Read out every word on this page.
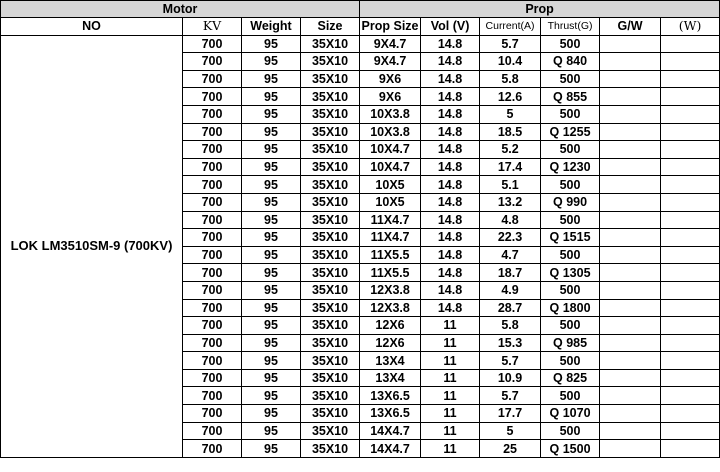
Motor				Prop					
NO	KV	Weight	Size	Prop Size	Vol (V)	Current(A)	Thrust(G)	G/W	(W)
LOK LM3510SM-9 (700KV)	700	95	35X10	9X4.7	14.8	5.7	500		
	700	95	35X10	9X4.7	14.8	10.4	Q 840		
	700	95	35X10	9X6	14.8	5.8	500		
	700	95	35X10	9X6	14.8	12.6	Q 855		
	700	95	35X10	10X3.8	14.8	5	500		
	700	95	35X10	10X3.8	14.8	18.5	Q 1255		
	700	95	35X10	10X4.7	14.8	5.2	500		
	700	95	35X10	10X4.7	14.8	17.4	Q 1230		
	700	95	35X10	10X5	14.8	5.1	500		
	700	95	35X10	10X5	14.8	13.2	Q 990		
	700	95	35X10	11X4.7	14.8	4.8	500		
	700	95	35X10	11X4.7	14.8	22.3	Q 1515		
	700	95	35X10	11X5.5	14.8	4.7	500		
	700	95	35X10	11X5.5	14.8	18.7	Q 1305		
	700	95	35X10	12X3.8	14.8	4.9	500		
	700	95	35X10	12X3.8	14.8	28.7	Q 1800		
	700	95	35X10	12X6	11	5.8	500		
	700	95	35X10	12X6	11	15.3	Q 985		
	700	95	35X10	13X4	11	5.7	500		
	700	95	35X10	13X4	11	10.9	Q 825		
	700	95	35X10	13X6.5	11	5.7	500		
	700	95	35X10	13X6.5	11	17.7	Q 1070		
	700	95	35X10	14X4.7	11	5	500		
	700	95	35X10	14X4.7	11	25	Q 1500		
